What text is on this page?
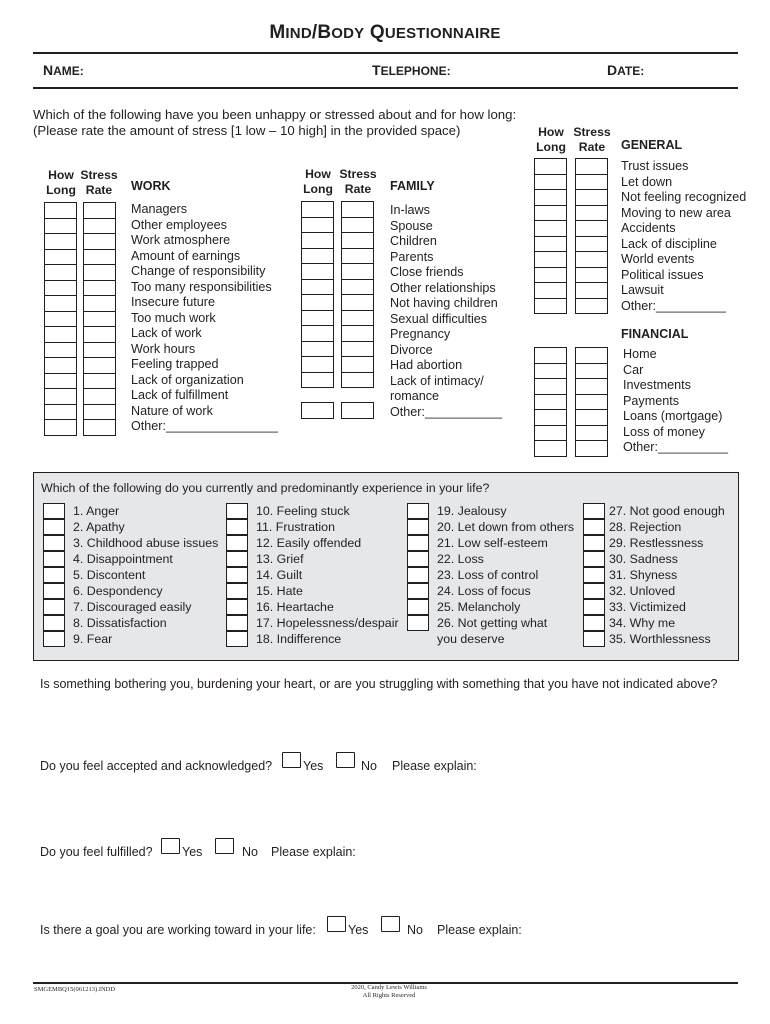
MIND/BODY QUESTIONNAIRE
NAME:	TELEPHONE:	DATE:
Which of the following have you been unhappy or stressed about and for how long:
(Please rate the amount of stress [1 low – 10 high] in the provided space)
How
Long
Stress
Rate	WORK
Managers
Other employees
Work atmosphere
Amount of earnings
Change of responsibility
Too many responsibilities
Insecure future
Too much work
Lack of work
Work hours
Feeling trapped
Lack of organization
Lack of fulfillment
Nature of work
Other:________________
How
Long
Stress
Rate	FAMILY
In-laws
Spouse
Children
Parents
Close friends
Other relationships
Not having children
Sexual difficulties
Pregnancy
Divorce
Had abortion
Lack of intimacy/
romance
Other:___________
How
Long
Stress
Rate	GENERAL
Trust issues
Let down
Not feeling recognized
Moving to new area
Accidents
Lack of discipline
World events
Political issues
Lawsuit
Other:__________
FINANCIAL
Home
Car
Investments
Payments
Loans (mortgage)
Loss of money
Other:__________
Which of the following do you currently and predominantly experience in your life?
1. Anger
2. Apathy
3. Childhood abuse issues
4. Disappointment
5. Discontent
6. Despondency
7. Discouraged easily
8. Dissatisfaction
9. Fear
10. Feeling stuck
11. Frustration
12. Easily offended
13. Grief
14. Guilt
15. Hate
16. Heartache
17. Hopelessness/despair
18. Indifference
19. Jealousy
20. Let down from others
21. Low self-esteem
22. Loss
23. Loss of control
24. Loss of focus
25. Melancholy
26. Not getting what
you deserve
27. Not good enough
28. Rejection
29. Restlessness
30. Sadness
31. Shyness
32. Unloved
33. Victimized
34. Why me
35. Worthlessness
Is something bothering you, burdening your heart, or are you struggling with something that you have not indicated above?
Do you feel accepted and acknowledged? Yes	No Please explain:
Do you feel fulfilled? Yes	No Please explain:
Is there a goal you are working toward in your life:	Yes	No Please explain:
SMGEMBQ15(061213).INDD	2020, Candy Lewis Williams
All Rights Reserved
